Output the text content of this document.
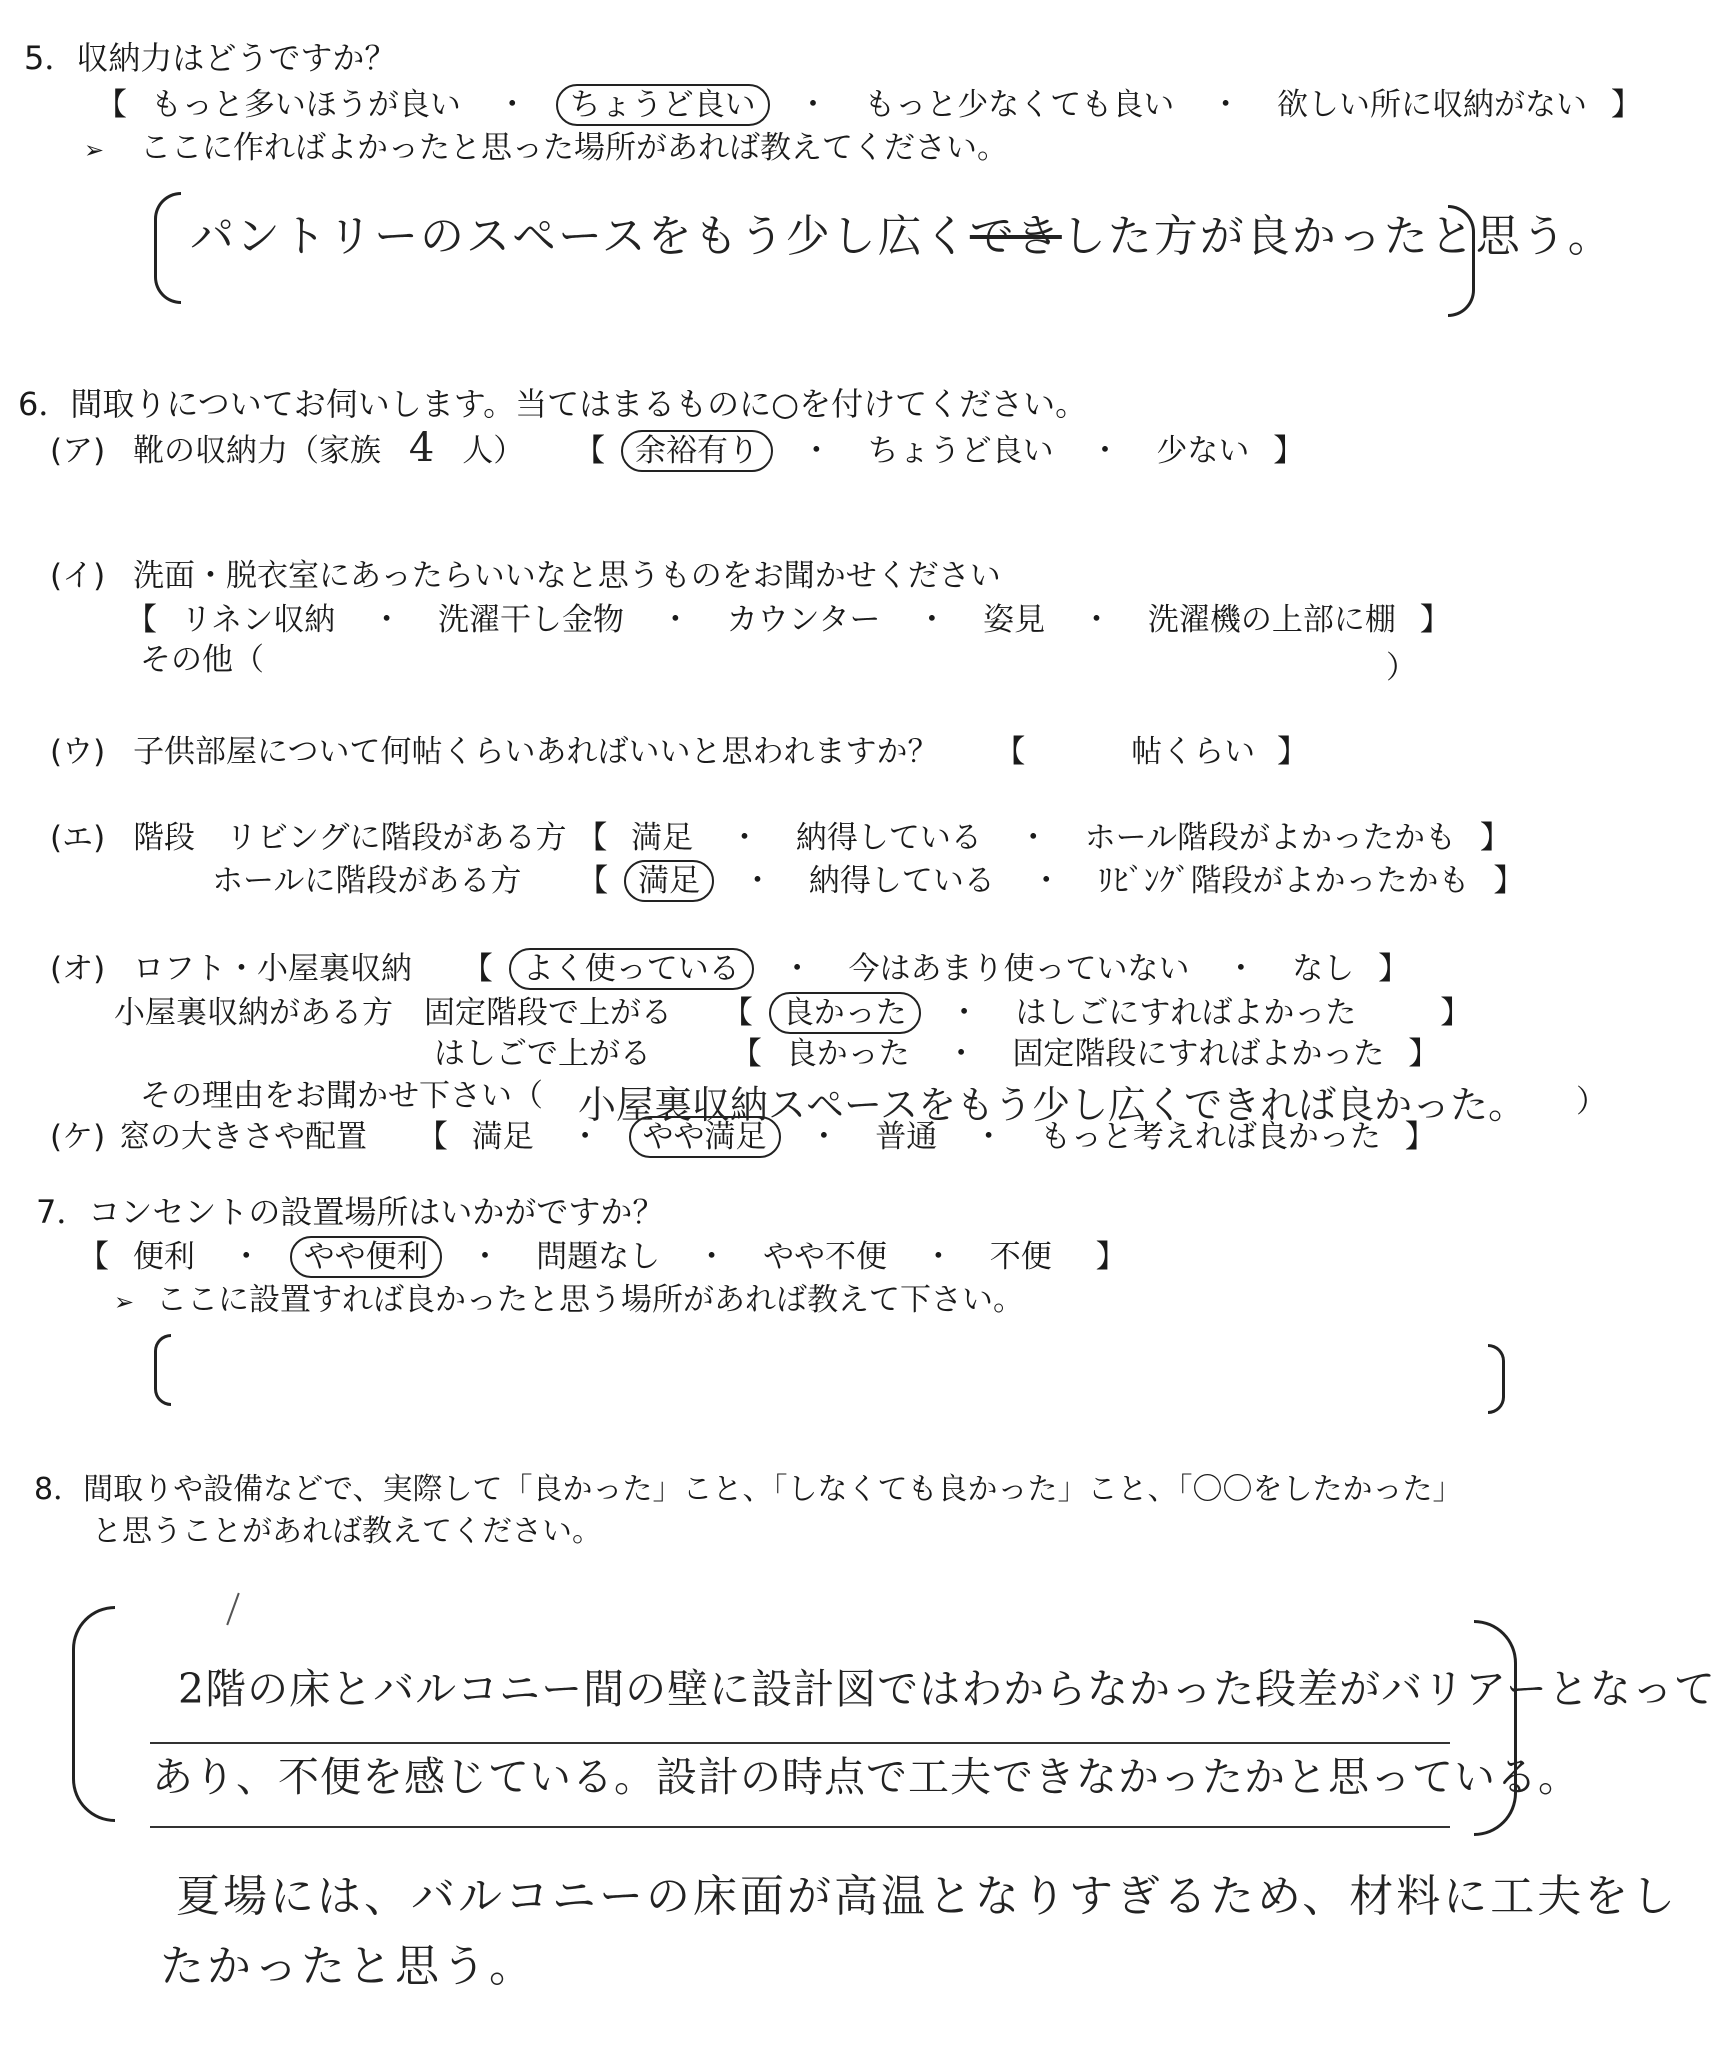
5．収納力はどうですか？
【 もっと多いほうが良い ・ ちょうど良い ・ もっと少なくても良い ・ 欲しい所に収納がない 】
➢ ここに作ればよかったと思った場所があれば教えてください。
パントリーのスペースをもう少し広くできした方が良かったと思う。
6．間取りについてお伺いします。当てはまるものに○を付けてください。
(ア) 靴の収納力（家族 4 人） 【 余裕有り ・ ちょうど良い ・ 少ない 】
(イ) 洗面・脱衣室にあったらいいなと思うものをお聞かせください
【 リネン収納 ・ 洗濯干し金物 ・ カウンター ・ 姿見 ・ 洗濯機の上部に棚 】
その他（	）
(ウ) 子供部屋について何帖くらいあればいいと思われますか？ 【	帖くらい 】
(エ) 階段　リビングに階段がある方 【 満足 ・ 納得している ・ ホール階段がよかったかも 】
ホールに階段がある方 【 満足 ・ 納得している ・ ﾘﾋﾞﾝｸﾞ階段がよかったかも 】
(オ) ロフト・小屋裏収納 【 よく使っている ・ 今はあまり使っていない ・ なし 】
小屋裏収納がある方　固定階段で上がる 【 良かった ・ はしごにすればよかった	】
はしごで上がる	【 良かった ・ 固定階段にすればよかった 】
その理由をお聞かせ下さい（ 小屋裏収納スペースをもう少し広くできれば良かった。 ）
(ケ) 窓の大きさや配置 【 満足 ・ やや満足 ・ 普通 ・ もっと考えれば良かった 】
7．コンセントの設置場所はいかがですか？
【 便利 ・ やや便利 ・ 問題なし ・ やや不便 ・ 不便 】
➢ ここに設置すれば良かったと思う場所があれば教えて下さい。
8．間取りや設備などで、実際して「良かった」こと、「しなくても良かった」こと、「〇〇をしたかった」
と思うことがあれば教えてください。
2階の床とバルコニー間の壁に設計図ではわからなかった段差がバリアーとなって
あり、不便を感じている。設計の時点で工夫できなかったかと思っている。
夏場には、バルコニーの床面が高温となりすぎるため、材料に工夫をし
たかったと思う。
